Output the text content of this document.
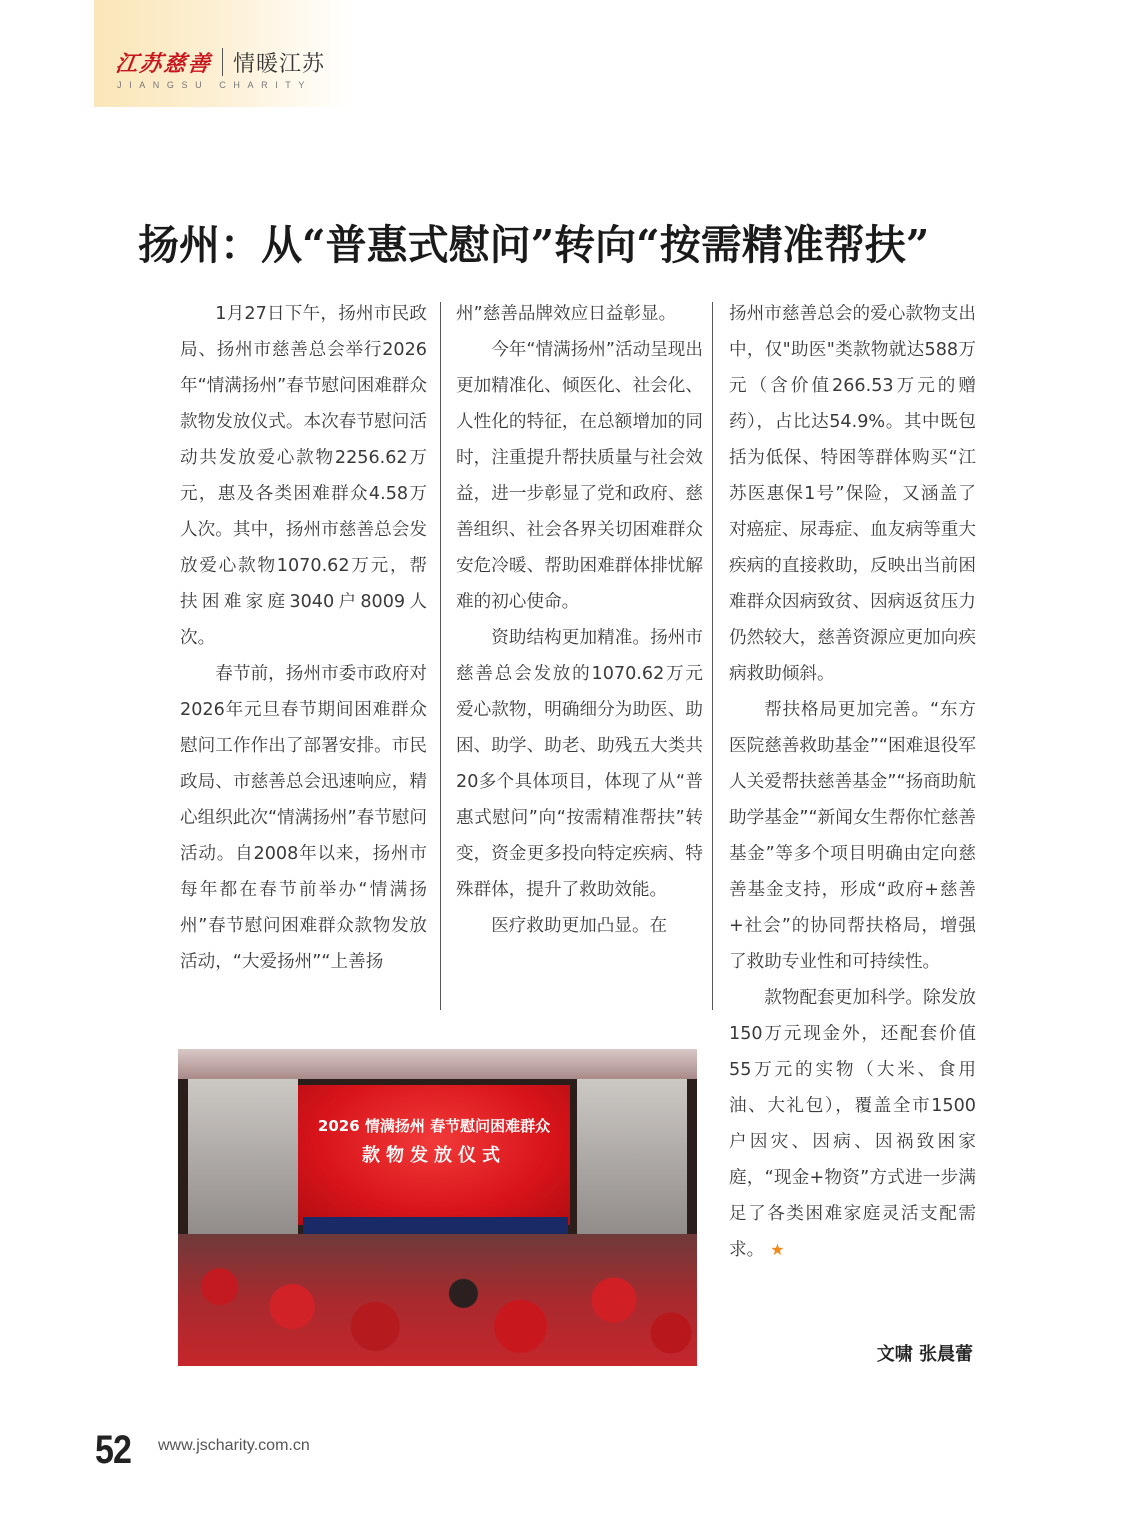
江苏慈善 情暖江苏
JIANGSU CHARITY
扬州：从“普惠式慰问”转向“按需精准帮扶”

1月27日下午，扬州市民政局、扬州市慈善总会举行2026年“情满扬州”春节慰问困难群众款物发放仪式。本次春节慰问活动共发放爱心款物2256.62万元，惠及各类困难群众4.58万人次。其中，扬州市慈善总会发放爱心款物1070.62万元，帮扶困难家庭3040户8009人次。

春节前，扬州市委市政府对2026年元旦春节期间困难群众慰问工作作出了部署安排。市民政局、市慈善总会迅速响应，精心组织此次“情满扬州”春节慰问活动。自2008年以来，扬州市每年都在春节前举办“情满扬州”春节慰问困难群众款物发放活动，“大爱扬州”“上善扬

州”慈善品牌效应日益彰显。

今年“情满扬州”活动呈现出更加精准化、倾医化、社会化、人性化的特征，在总额增加的同时，注重提升帮扶质量与社会效益，进一步彰显了党和政府、慈善组织、社会各界关切困难群众安危冷暖、帮助困难群体排忧解难的初心使命。

资助结构更加精准。扬州市慈善总会发放的1070.62万元爱心款物，明确细分为助医、助困、助学、助老、助残五大类共20多个具体项目，体现了从“普惠式慰问”向“按需精准帮扶”转变，资金更多投向特定疾病、特殊群体，提升了救助效能。

医疗救助更加凸显。在

扬州市慈善总会的爱心款物支出中，仅"助医"类款物就达588万元（含价值266.53万元的赠药），占比达54.9%。其中既包括为低保、特困等群体购买“江苏医惠保1号”保险，又涵盖了对癌症、尿毒症、血友病等重大疾病的直接救助，反映出当前困难群众因病致贫、因病返贫压力仍然较大，慈善资源应更加向疾病救助倾斜。

帮扶格局更加完善。“东方医院慈善救助基金”“困难退役军人关爱帮扶慈善基金”“扬商助航助学基金”“新闻女生帮你忙慈善基金”等多个项目明确由定向慈善基金支持，形成“政府+慈善+社会”的协同帮扶格局，增强了救助专业性和可持续性。

款物配套更加科学。除发放150万元现金外，还配套价值55万元的实物（大米、食用油、大礼包），覆盖全市1500户因灾、因病、因祸致困家庭，“现金+物资”方式进一步满足了各类困难家庭灵活支配需求。 ★

文啸 张晨蕾
2026 情满扬州 春节慰问困难群众
款物发放仪式
52 www.jscharity.com.cn
